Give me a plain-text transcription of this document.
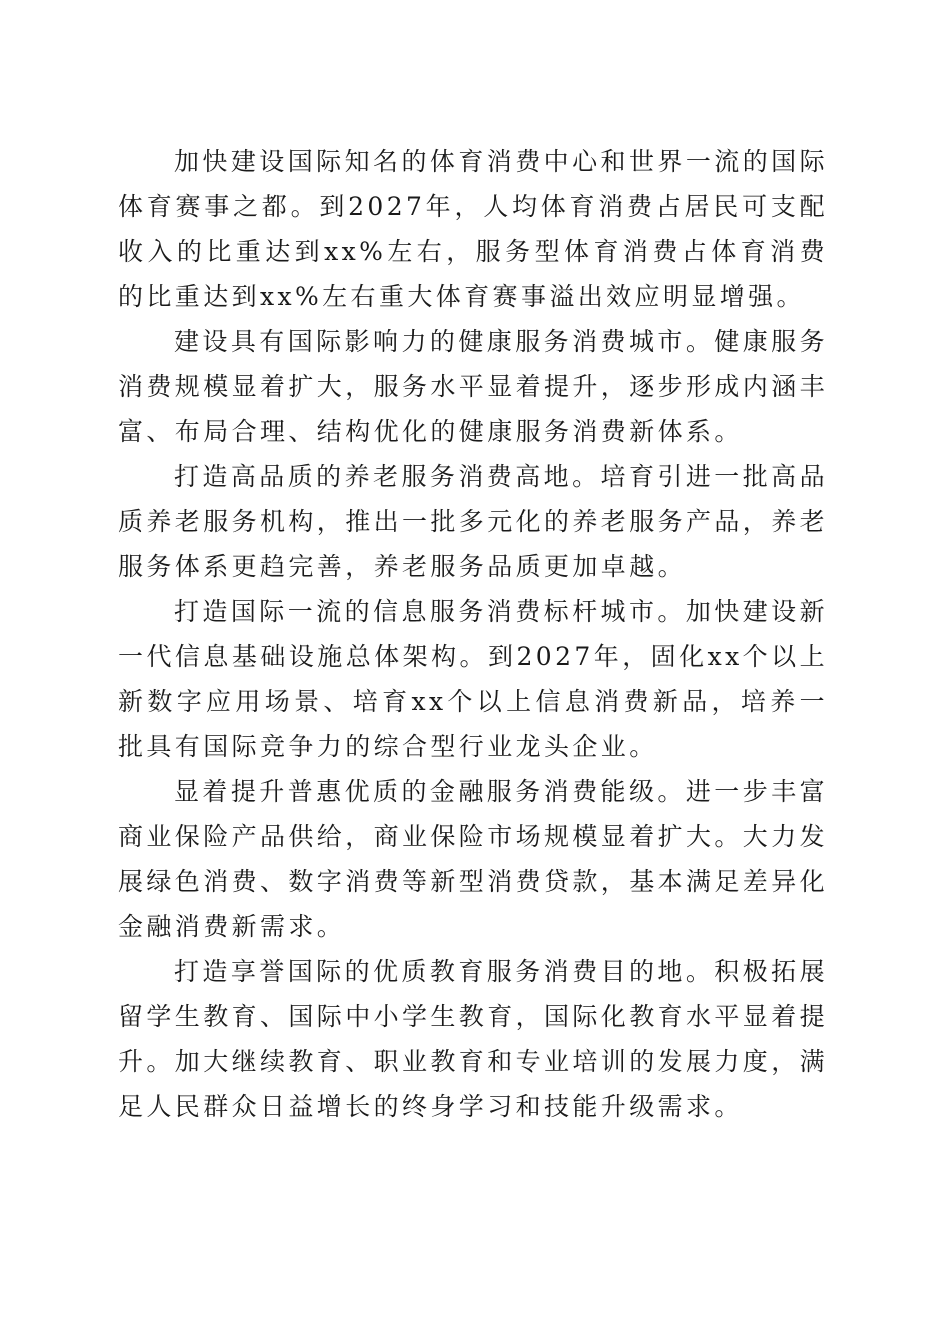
加快建设国际知名的体育消费中心和世界一流的国际体育赛事之都。到2027年，人均体育消费占居民可支配收入的比重达到xx%左右，服务型体育消费占体育消费的比重达到xx%左右重大体育赛事溢出效应明显增强。

建设具有国际影响力的健康服务消费城市。健康服务消费规模显着扩大，服务水平显着提升，逐步形成内涵丰富、布局合理、结构优化的健康服务消费新体系。

打造高品质的养老服务消费高地。培育引进一批高品质养老服务机构，推出一批多元化的养老服务产品，养老服务体系更趋完善，养老服务品质更加卓越。

打造国际一流的信息服务消费标杆城市。加快建设新一代信息基础设施总体架构。到2027年，固化xx个以上新数字应用场景、培育xx个以上信息消费新品，培养一批具有国际竞争力的综合型行业龙头企业。

显着提升普惠优质的金融服务消费能级。进一步丰富商业保险产品供给，商业保险市场规模显着扩大。大力发展绿色消费、数字消费等新型消费贷款，基本满足差异化金融消费新需求。

打造享誉国际的优质教育服务消费目的地。积极拓展留学生教育、国际中小学生教育，国际化教育水平显着提升。加大继续教育、职业教育和专业培训的发展力度，满足人民群众日益增长的终身学习和技能升级需求。
